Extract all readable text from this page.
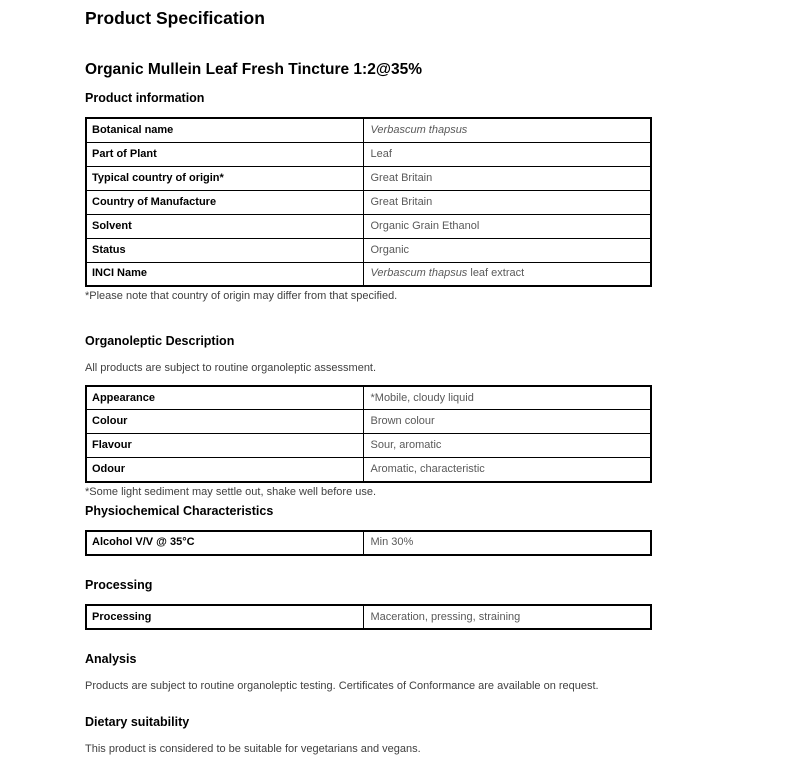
Product Specification
Organic Mullein Leaf Fresh Tincture 1:2@35%
Product information
Botanical name	Verbascum thapsus
Part of Plant	Leaf
Typical country of origin*	Great Britain
Country of Manufacture	Great Britain
Solvent	Organic Grain Ethanol
Status	Organic
INCI Name	Verbascum thapsus leaf extract

*Please note that country of origin may differ from that specified.

Organoleptic Description

All products are subject to routine organoleptic assessment.

Appearance	*Mobile, cloudy liquid
Colour	Brown colour
Flavour	Sour, aromatic
Odour	Aromatic, characteristic

*Some light sediment may settle out, shake well before use.

Physiochemical Characteristics
Alcohol V/V @ 35°C	Min 30%
Processing
Processing	Maceration, pressing, straining
Analysis

Products are subject to routine organoleptic testing. Certificates of Conformance are available on request.

Dietary suitability

This product is considered to be suitable for vegetarians and vegans.
